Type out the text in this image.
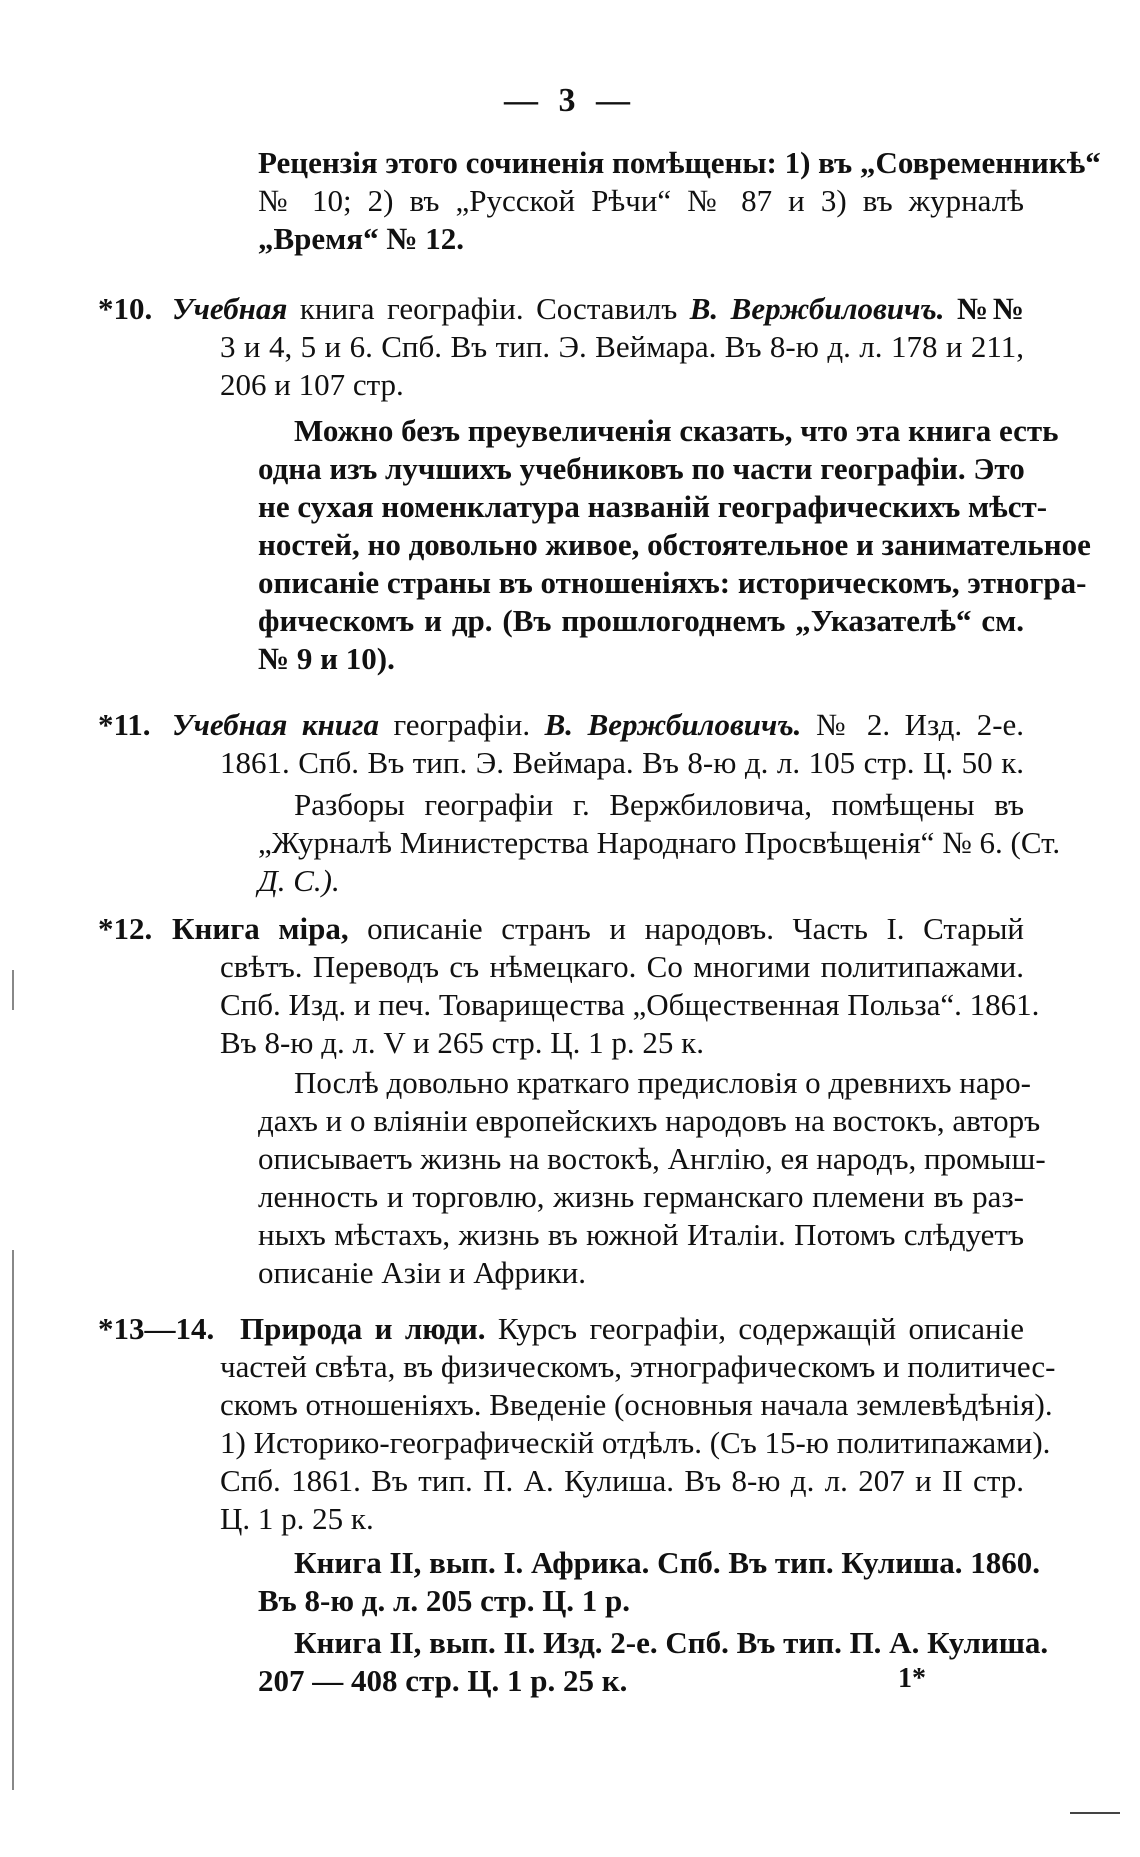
— 3 —
Рецензія этого сочиненія помѣщены: 1) въ „Современникѣ“
№ 10; 2) въ „Русской Рѣчи“ № 87 и 3) въ журналѣ
„Время“ № 12.
*10. Учебная книга географіи. Составилъ В. Вержбиловичъ. №№
3 и 4, 5 и 6. Спб. Въ тип. Э. Веймара. Въ 8-ю д. л. 178 и 211,
206 и 107 стр.
Можно безъ преувеличенія сказать, что эта книга есть
одна изъ лучшихъ учебниковъ по части географіи. Это
не сухая номенклатура названій географическихъ мѣст-
ностей, но довольно живое, обстоятельное и занимательное
описаніе страны въ отношеніяхъ: историческомъ, этногра-
фическомъ и др. (Въ прошлогоднемъ „Указателѣ“ см.
№ 9 и 10).
*11. Учебная книга географіи. В. Вержбиловичъ. № 2. Изд. 2-е.
1861. Спб. Въ тип. Э. Веймара. Въ 8-ю д. л. 105 стр. Ц. 50 к.
Разборы географіи г. Вержбиловича, помѣщены въ
„Журналѣ Министерства Народнаго Просвѣщенія“ № 6. (Ст.
Д. С.).
*12. Книга міра, описаніе странъ и народовъ. Часть I. Старый
свѣтъ. Переводъ съ нѣмецкаго. Со многими политипажами.
Спб. Изд. и печ. Товарищества „Общественная Польза“. 1861.
Въ 8-ю д. л. V и 265 стр. Ц. 1 р. 25 к.
Послѣ довольно краткаго предисловія о древнихъ наро-
дахъ и о вліяніи европейскихъ народовъ на востокъ, авторъ
описываетъ жизнь на востокѣ, Англію, ея народъ, промыш-
ленность и торговлю, жизнь германскаго племени въ раз-
ныхъ мѣстахъ, жизнь въ южной Италіи. Потомъ слѣдуетъ
описаніе Азіи и Африки.
*13—14. Природа и люди. Курсъ географіи, содержащій описаніе
частей свѣта, въ физическомъ, этнографическомъ и политичес-
скомъ отношеніяхъ. Введеніе (основныя начала землевѣдѣнія).
1) Историко-географическій отдѣлъ. (Съ 15-ю политипажами).
Спб. 1861. Въ тип. П. А. Кулиша. Въ 8-ю д. л. 207 и II стр.
Ц. 1 р. 25 к.
Книга II, вып. I. Африка. Спб. Въ тип. Кулиша. 1860.
Въ 8-ю д. л. 205 стр. Ц. 1 р.
Книга II, вып. II. Изд. 2-е. Спб. Въ тип. П. А. Кулиша.
207 — 408 стр. Ц. 1 р. 25 к.	1*
